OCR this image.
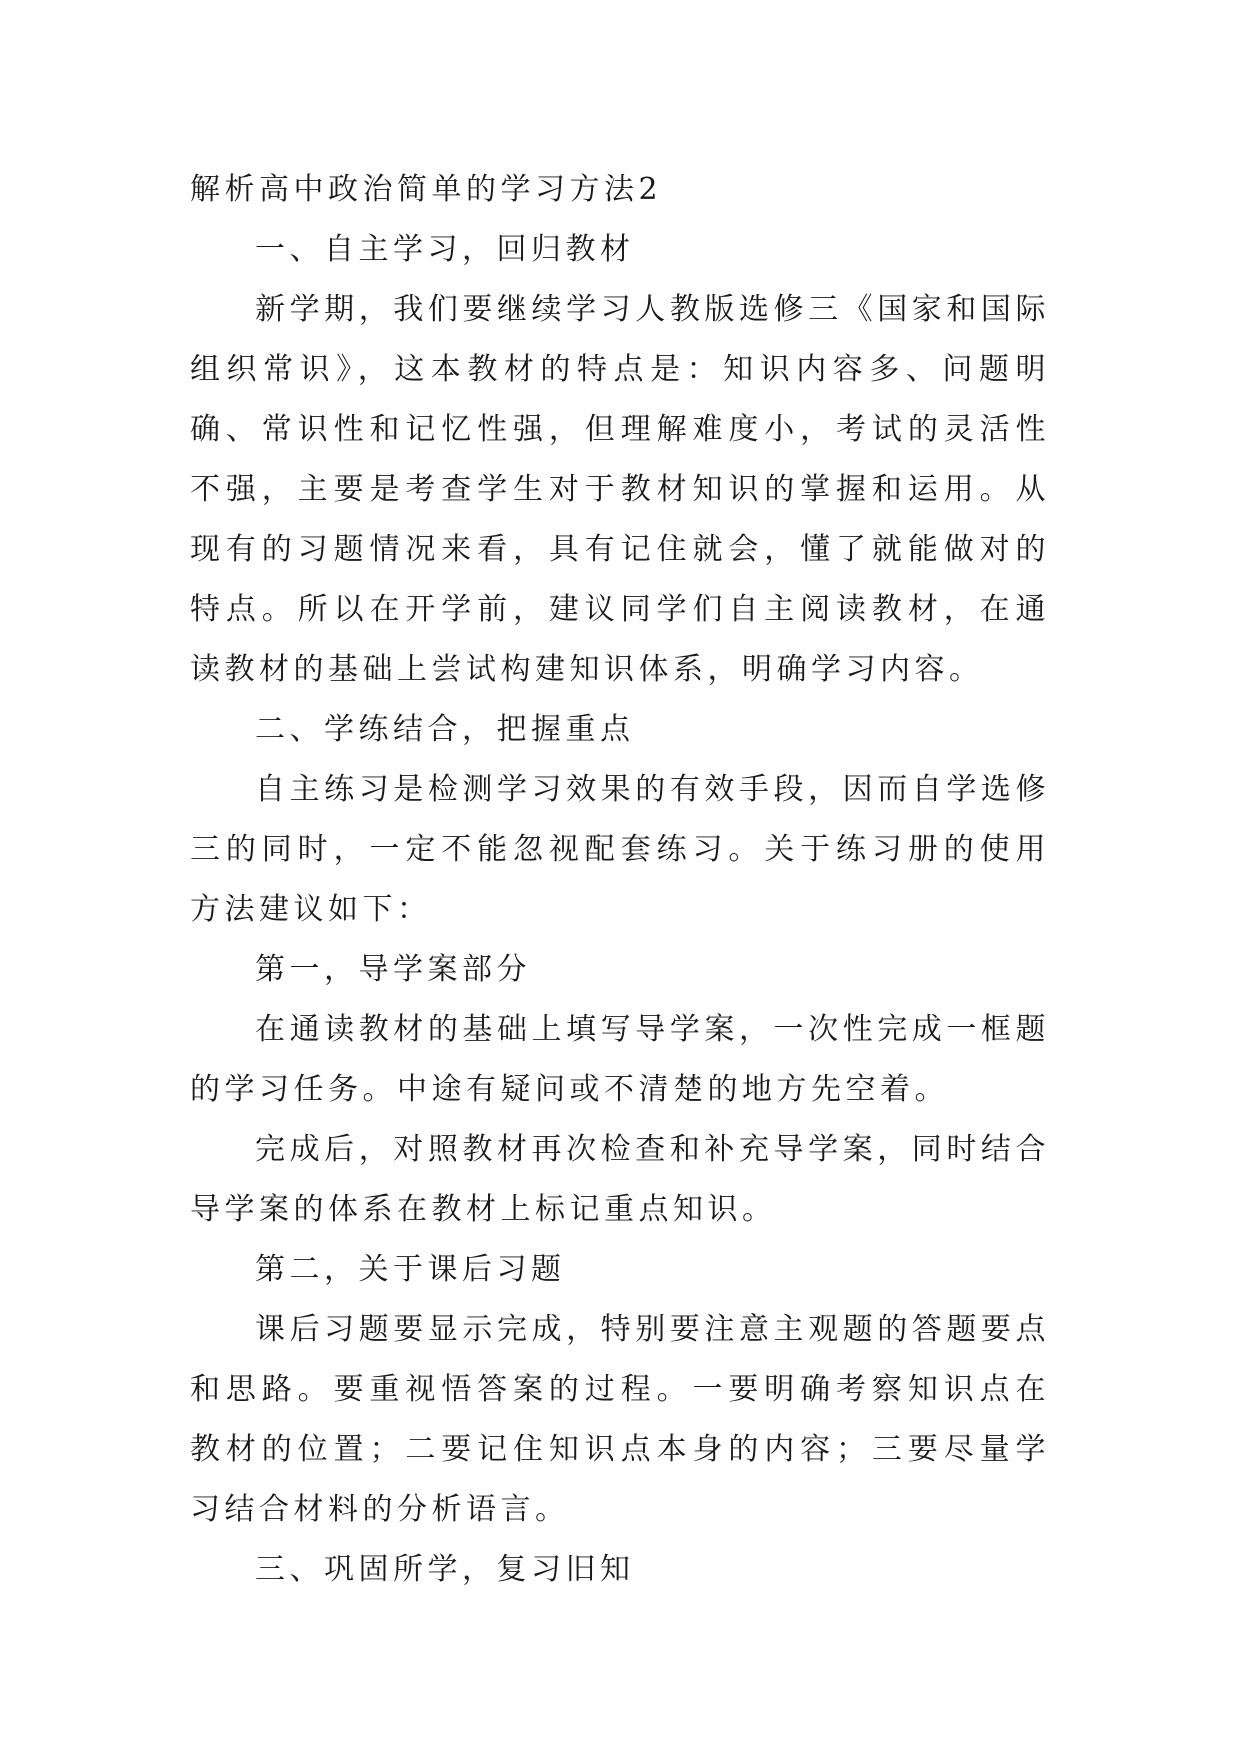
解析高中政治简单的学习方法2

一、自主学习，回归教材

新学期，我们要继续学习人教版选修三《国家和国际组织常识》，这本教材的特点是：知识内容多、问题明确、常识性和记忆性强，但理解难度小，考试的灵活性不强，主要是考查学生对于教材知识的掌握和运用。从现有的习题情况来看，具有记住就会，懂了就能做对的特点。所以在开学前，建议同学们自主阅读教材，在通读教材的基础上尝试构建知识体系，明确学习内容。

二、学练结合，把握重点

自主练习是检测学习效果的有效手段，因而自学选修三的同时，一定不能忽视配套练习。关于练习册的使用方法建议如下：

第一，导学案部分

在通读教材的基础上填写导学案，一次性完成一框题的学习任务。中途有疑问或不清楚的地方先空着。

完成后，对照教材再次检查和补充导学案，同时结合导学案的体系在教材上标记重点知识。

第二，关于课后习题

课后习题要显示完成，特别要注意主观题的答题要点和思路。要重视悟答案的过程。一要明确考察知识点在教材的位置；二要记住知识点本身的内容；三要尽量学习结合材料的分析语言。

三、巩固所学，复习旧知
